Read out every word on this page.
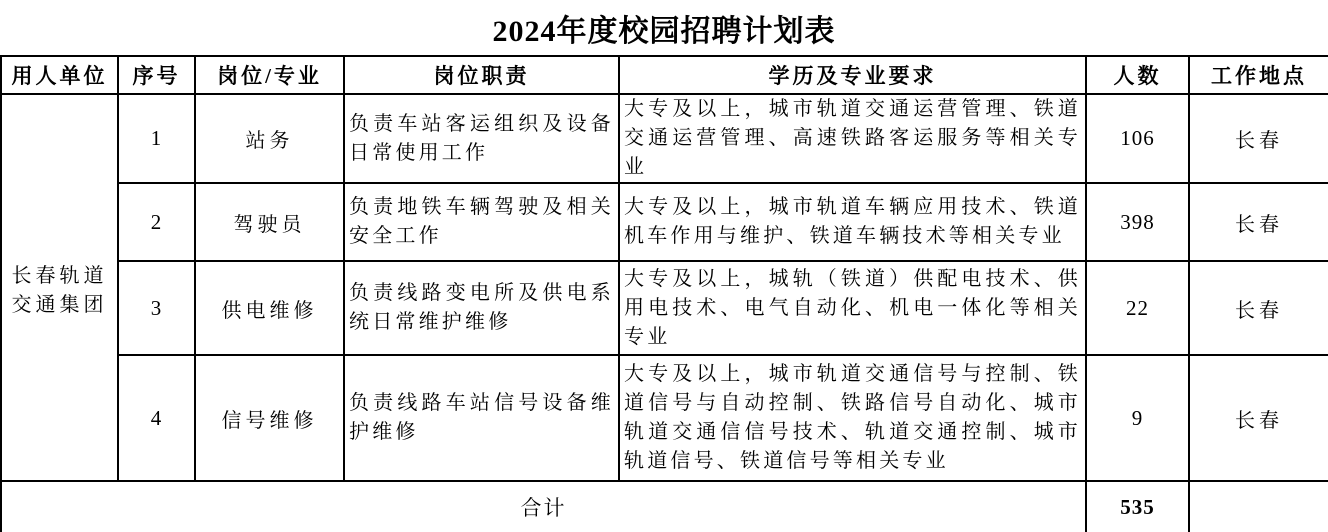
2024年度校园招聘计划表
用人单位	序号	岗位/专业	岗位职责	学历及专业要求	人数	工作地点
长春轨道交通集团	1	站务	负责车站客运组织及设备日常使用工作	大专及以上，城市轨道交通运营管理、铁道交通运营管理、高速铁路客运服务等相关专业	106	长春
	2	驾驶员	负责地铁车辆驾驶及相关安全工作	大专及以上，城市轨道车辆应用技术、铁道机车作用与维护、铁道车辆技术等相关专业	398	长春
	3	供电维修	负责线路变电所及供电系统日常维护维修	大专及以上，城轨（铁道）供配电技术、供用电技术、电气自动化、机电一体化等相关专业	22	长春
	4	信号维修	负责线路车站信号设备维护维修	大专及以上，城市轨道交通信号与控制、铁道信号与自动控制、铁路信号自动化、城市轨道交通信信号技术、轨道交通控制、城市轨道信号、铁道信号等相关专业	9	长春
合计					535	
